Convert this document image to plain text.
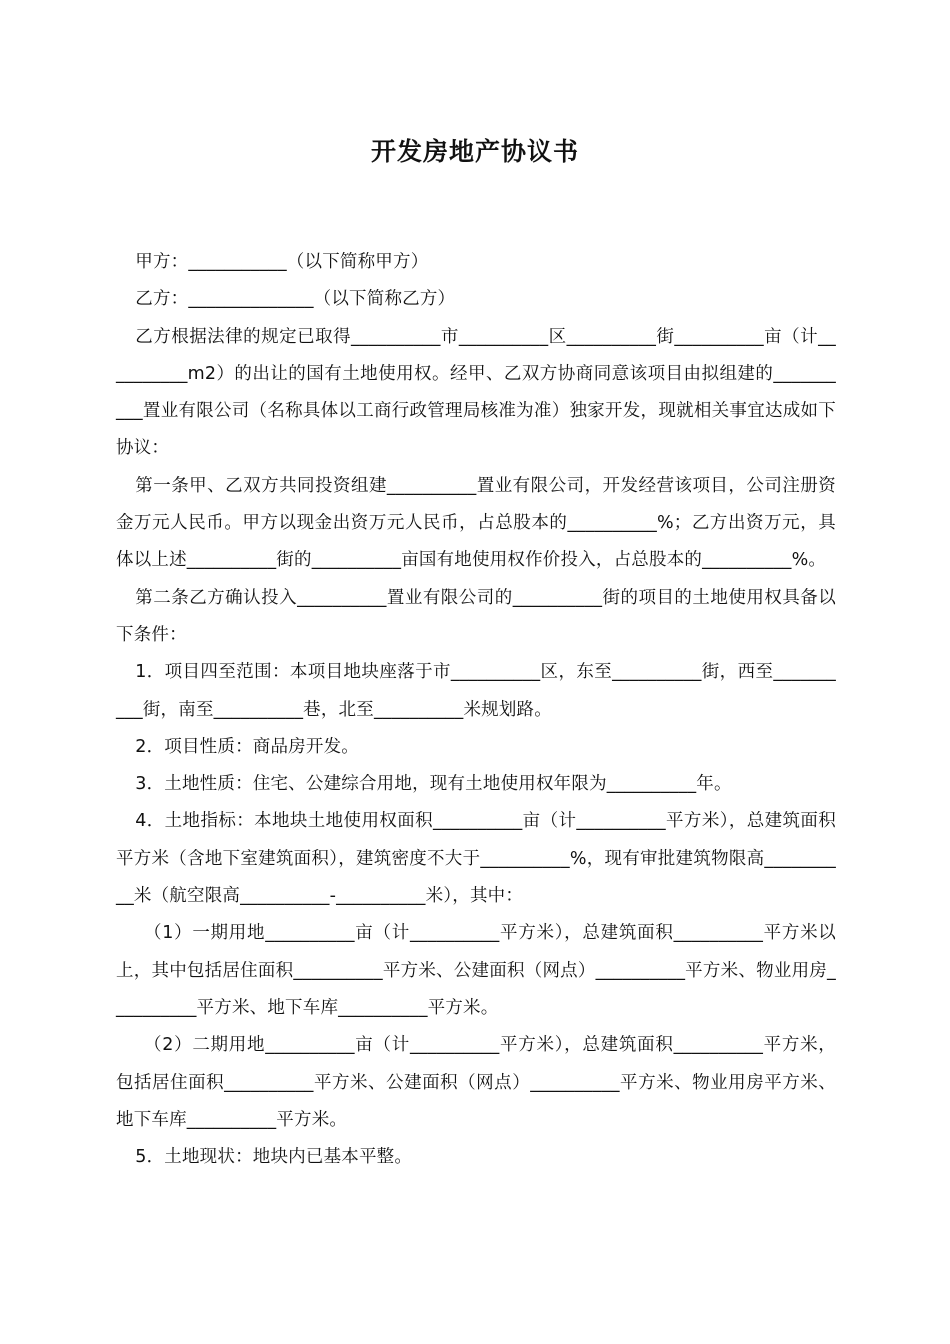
开发房地产协议书

甲方：___________（以下简称甲方）

乙方：______________（以下简称乙方）

乙方根据法律的规定已取得__________市__________区__________街__________亩（计__________m2）的出让的国有土地使用权。经甲、乙双方协商同意该项目由拟组建的__________置业有限公司（名称具体以工商行政管理局核准为准）独家开发，现就相关事宜达成如下协议：

第一条甲、乙双方共同投资组建__________置业有限公司，开发经营该项目，公司注册资金万元人民币。甲方以现金出资万元人民币，占总股本的__________%；乙方出资万元，具体以上述__________街的__________亩国有地使用权作价投入，占总股本的__________%。

第二条乙方确认投入__________置业有限公司的__________街的项目的土地使用权具备以下条件：

1．项目四至范围：本项目地块座落于市__________区，东至__________街，西至__________街，南至__________巷，北至__________米规划路。

2．项目性质：商品房开发。

3．土地性质：住宅、公建综合用地，现有土地使用权年限为__________年。

4．土地指标：本地块土地使用权面积__________亩（计__________平方米），总建筑面积平方米（含地下室建筑面积），建筑密度不大于__________%，现有审批建筑物限高__________米（航空限高__________-__________米），其中：

（1）一期用地__________亩（计__________平方米），总建筑面积__________平方米以上，其中包括居住面积__________平方米、公建面积（网点）__________平方米、物业用房__________平方米、地下车库__________平方米。

（2）二期用地__________亩（计__________平方米），总建筑面积__________平方米，包括居住面积__________平方米、公建面积（网点）__________平方米、物业用房平方米、地下车库__________平方米。

5．土地现状：地块内已基本平整。
